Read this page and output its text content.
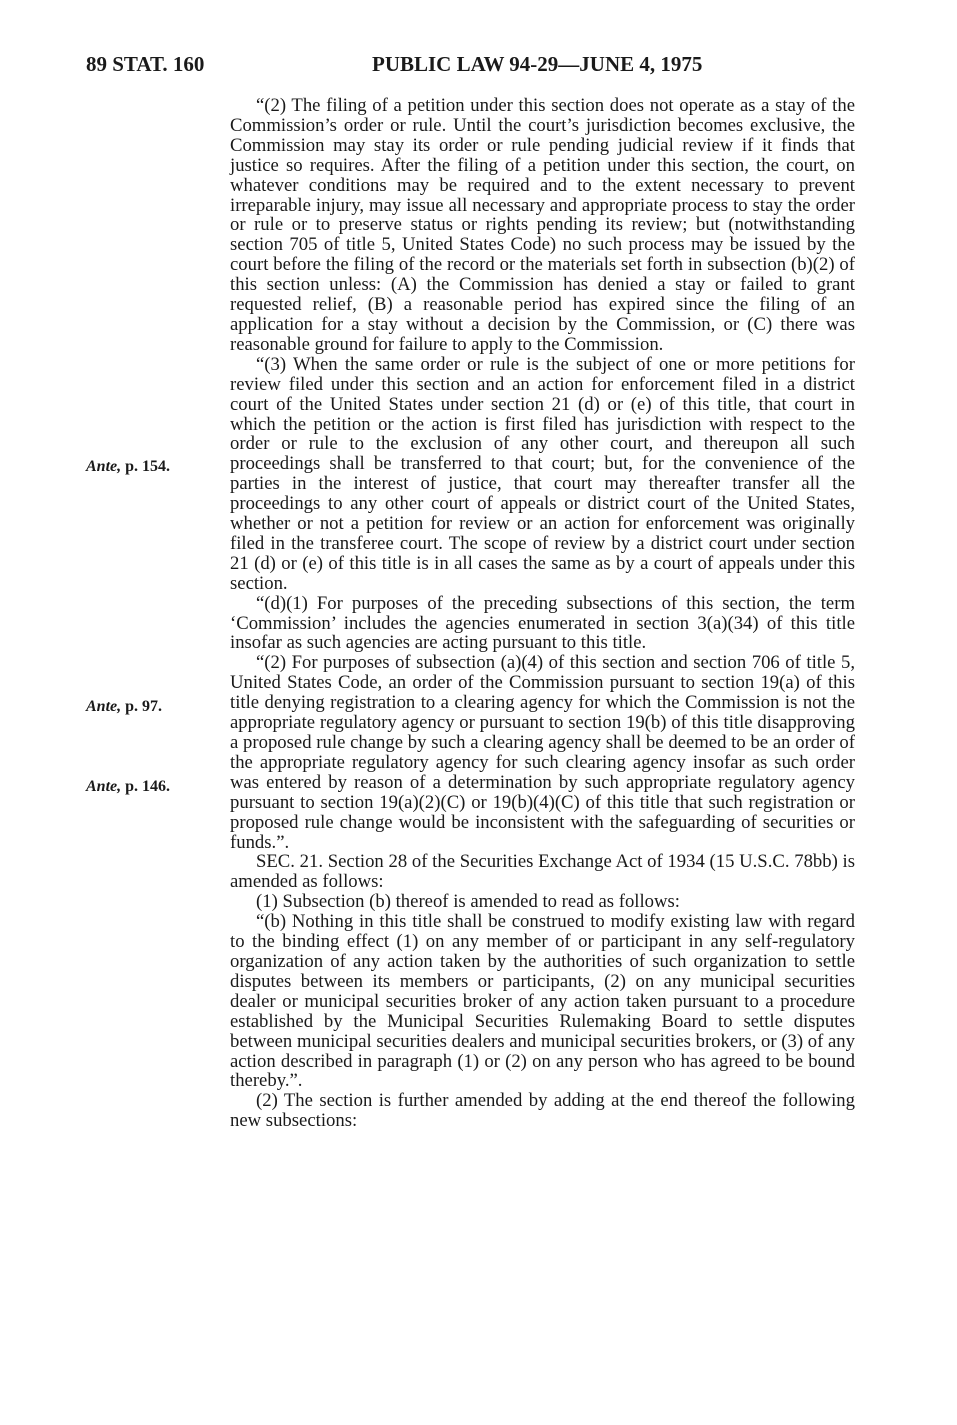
89 STAT. 160	PUBLIC LAW 94-29—JUNE 4, 1975
Ante, p. 154.
Ante, p. 97.
Ante, p. 146.

“(2) The filing of a petition under this section does not operate as a stay of the Commission’s order or rule. Until the court’s jurisdiction becomes exclusive, the Commission may stay its order or rule pending judicial review if it finds that justice so requires. After the filing of a petition under this section, the court, on whatever conditions may be required and to the extent necessary to prevent irreparable injury, may issue all necessary and appropriate process to stay the order or rule or to preserve status or rights pending its review; but (notwithstanding section 705 of title 5, United States Code) no such process may be issued by the court before the filing of the record or the materials set forth in subsection (b)(2) of this section unless: (A) the Commission has denied a stay or failed to grant requested relief, (B) a reasonable period has expired since the filing of an application for a stay without a decision by the Commission, or (C) there was reasonable ground for failure to apply to the Commission.

“(3) When the same order or rule is the subject of one or more petitions for review filed under this section and an action for enforcement filed in a district court of the United States under section 21 (d) or (e) of this title, that court in which the petition or the action is first filed has jurisdiction with respect to the order or rule to the exclusion of any other court, and thereupon all such proceedings shall be transferred to that court; but, for the convenience of the parties in the interest of justice, that court may thereafter transfer all the proceedings to any other court of appeals or district court of the United States, whether or not a petition for review or an action for enforcement was originally filed in the transferee court. The scope of review by a district court under section 21 (d) or (e) of this title is in all cases the same as by a court of appeals under this section.

“(d)(1) For purposes of the preceding subsections of this section, the term ‘Commission’ includes the agencies enumerated in section 3(a)(34) of this title insofar as such agencies are acting pursuant to this title.

“(2) For purposes of subsection (a)(4) of this section and section 706 of title 5, United States Code, an order of the Commission pursuant to section 19(a) of this title denying registration to a clearing agency for which the Commission is not the appropriate regulatory agency or pursuant to section 19(b) of this title disapproving a proposed rule change by such a clearing agency shall be deemed to be an order of the appropriate regulatory agency for such clearing agency insofar as such order was entered by reason of a determination by such appropriate regulatory agency pursuant to section 19(a)(2)(C) or 19(b)(4)(C) of this title that such registration or proposed rule change would be inconsistent with the safeguarding of securities or funds.”.

SEC. 21. Section 28 of the Securities Exchange Act of 1934 (15 U.S.C. 78bb) is amended as follows:

(1) Subsection (b) thereof is amended to read as follows:

“(b) Nothing in this title shall be construed to modify existing law with regard to the binding effect (1) on any member of or participant in any self-regulatory organization of any action taken by the authorities of such organization to settle disputes between its members or participants, (2) on any municipal securities dealer or municipal securities broker of any action taken pursuant to a procedure established by the Municipal Securities Rulemaking Board to settle disputes between municipal securities dealers and municipal securities brokers, or (3) of any action described in paragraph (1) or (2) on any person who has agreed to be bound thereby.”.

(2) The section is further amended by adding at the end thereof the following new subsections:
